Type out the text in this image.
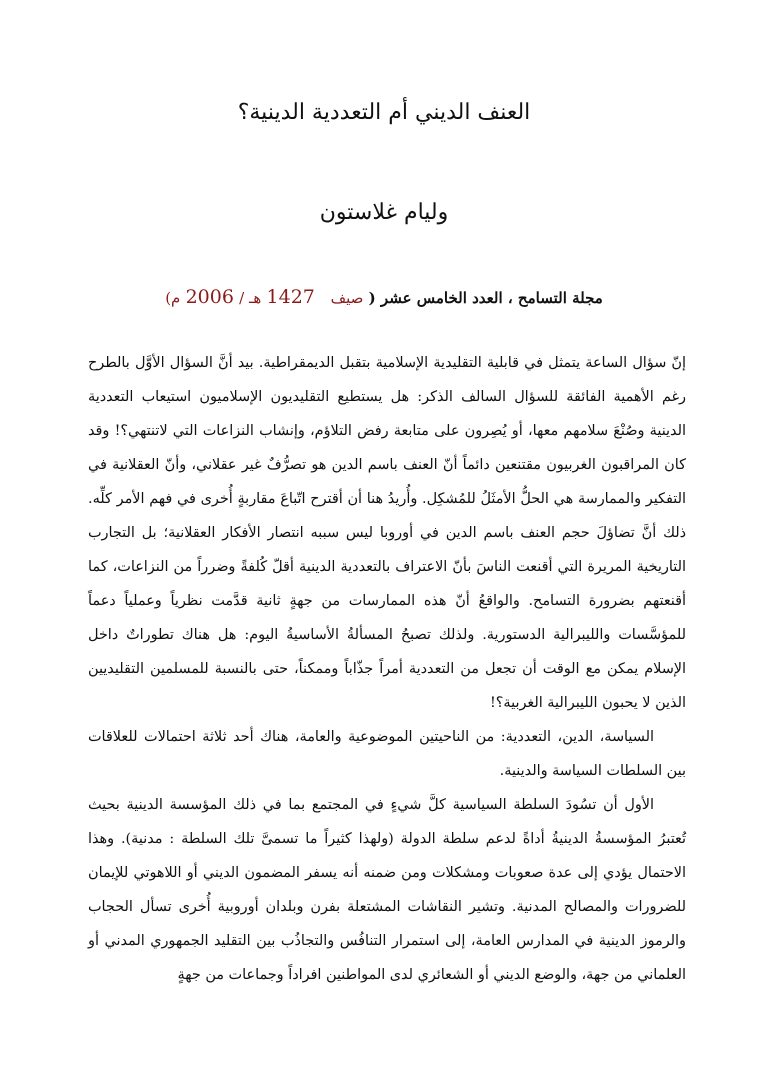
العنف الديني أم التعددية الدينية؟
وليام غلاستون
مجلة التسامح ، العدد الخامس عشر ( صيف   1427 هـ / 2006 م)

إنّ سؤال الساعة يتمثل في قابلية التقليدية الإسلامية بتقبل الديمقراطية. بيد أنَّ السؤال الأوَّل بالطرح رغم الأهمية الفائقة للسؤال السالف الذكر: هل يستطيع التقليديون الإسلاميون استيعاب التعددية الدينية وصُنْعَ سلامهم معها، أو يُصِرون على متابعة رفض التلاؤم، وإنشاب النزاعات التي لاتنتهي؟! وقد كان المراقبون الغربيون مقتنعين دائماً أنّ العنف باسم الدين هو تصرُّفٌ غير عقلاني، وأنّ العقلانية في التفكير والممارسة هي الحلُّ الأمثَلُ للمُشكِل. وأُريدُ هنا أن أقترح اتّباعَ مقاربةٍ أُخرى في فهم الأمر كلِّه. ذلك أنَّ تضاؤلَ حجم العنف باسم الدين في أوروبا ليس سببه انتصار الأفكار العقلانية؛ بل التجارب التاريخية المريرة التي أقنعت الناسَ بأنّ الاعتراف بالتعددية الدينية أقلّ كُلفةً وضرراً من النزاعات، كما أقنعتهم بضرورة التسامح. والواقعُ أنّ هذه الممارسات من جهةٍ ثانية قدَّمت نظرياً وعملياً دعماً للمؤسَّسات والليبرالية الدستورية. ولذلك تصبحُ المسألةُ الأساسيةُ اليوم: هل هناك تطوراتٌ داخل الإسلام يمكن مع الوقت أن تجعل من التعددية أمراً جذّاباً وممكناً، حتى بالنسبة للمسلمين التقليديين الذين لا يحبون الليبرالية الغربية؟!

السياسة، الدين، التعددية: من الناحيتين الموضوعية والعامة، هناك أحد ثلاثة احتمالات للعلاقات بين السلطات السياسة والدينية.

الأول أن تسُودَ السلطة السياسية كلَّ شيءٍ في المجتمع بما في ذلك المؤسسة الدينية بحيث تُعتبرُ المؤسسةُ الدينيةُ أداةً لدعم سلطة الدولة (ولهذا كثيراً ما تسمىَّ تلك السلطة : مدنية). وهذا الاحتمال يؤدي إلى عدة صعوبات ومشكلات ومن ضمنه أنه يسفر المضمون الديني أو اللاهوتي للإيمان للضرورات والمصالح المدنية. وتشير النقاشات المشتعلة بفرن وبلدان أوروبية أُخرى تسأل الحجاب والرموز الدينية في المدارس العامة، إلى استمرار التنافُس والتجاذُب بين التقليد الجمهوري المدني أو العلماني من جهة، والوضع الديني أو الشعائري لدى المواطنين افراداً وجماعات من جهةٍ
